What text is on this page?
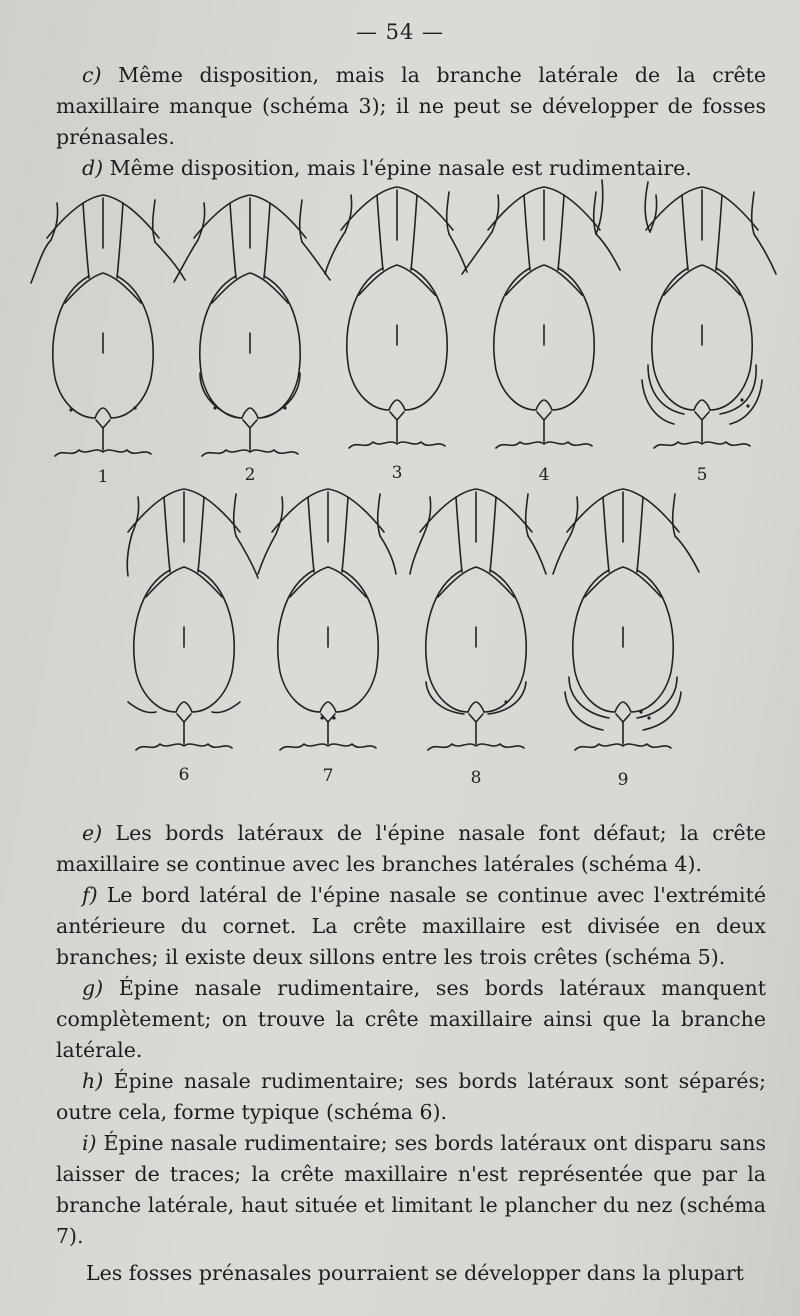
— 54 —

c) Même disposition, mais la branche latérale de la crête maxillaire manque (schéma 3); il ne peut se développer de fosses prénasales.

d) Même disposition, mais l'épine nasale est rudimentaire.

1	2	3	4	5
6	7	8	9

e) Les bords latéraux de l'épine nasale font défaut; la crête maxillaire se continue avec les branches latérales (schéma 4).

f) Le bord latéral de l'épine nasale se continue avec l'extrémité antérieure du cornet. La crête maxillaire est divisée en deux branches; il existe deux sillons entre les trois crêtes (schéma 5).

g) Épine nasale rudimentaire, ses bords latéraux manquent complètement; on trouve la crête maxillaire ainsi que la branche latérale.

h) Épine nasale rudimentaire; ses bords latéraux sont séparés; outre cela, forme typique (schéma 6).

i) Épine nasale rudimentaire; ses bords latéraux ont disparu sans laisser de traces; la crête maxillaire n'est représentée que par la branche latérale, haut située et limitant le plancher du nez (schéma 7).

Les fosses prénasales pourraient se développer dans la plupart
